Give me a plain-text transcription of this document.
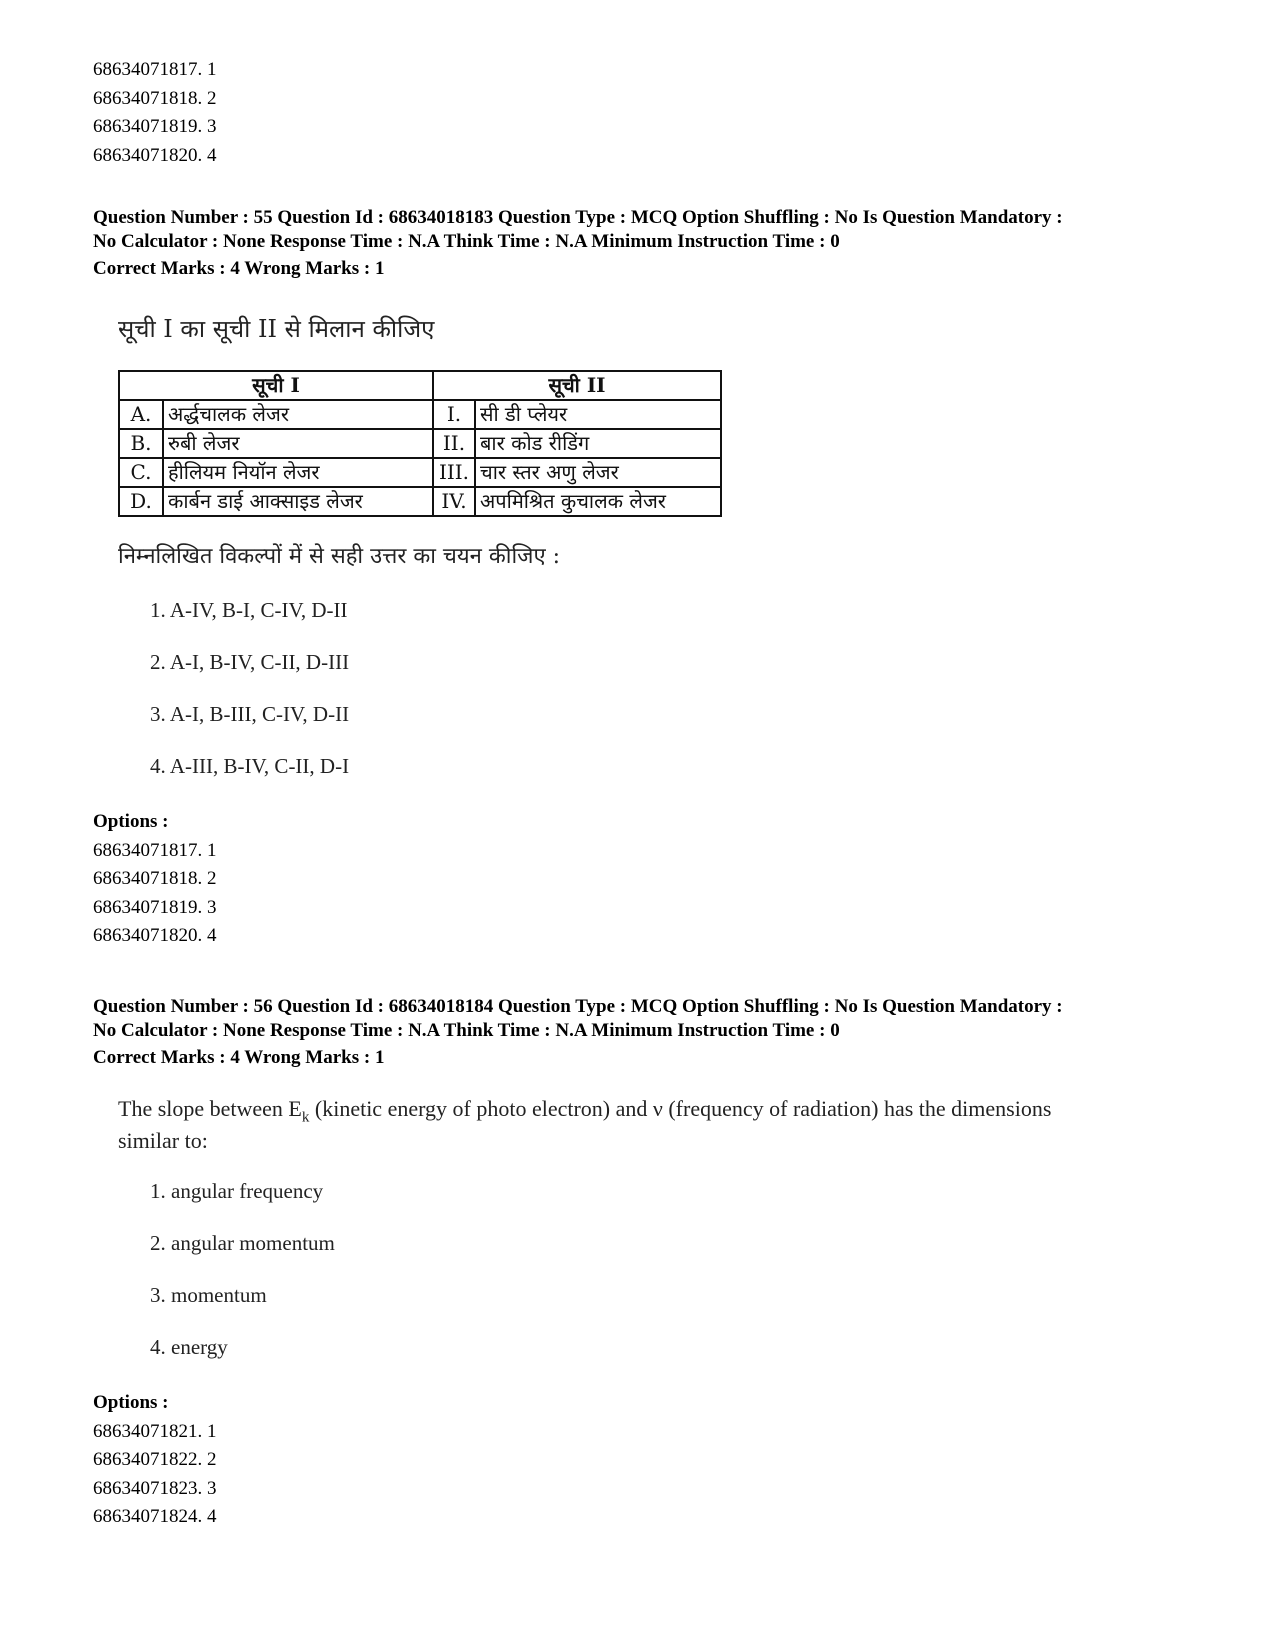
68634071817. 1
68634071818. 2
68634071819. 3
68634071820. 4
Question Number : 55 Question Id : 68634018183 Question Type : MCQ Option Shuffling : No Is Question Mandatory :
No Calculator : None Response Time : N.A Think Time : N.A Minimum Instruction Time : 0
Correct Marks : 4 Wrong Marks : 1
सूची I का सूची II से मिलान कीजिए
सूची I		सूची II	
A.	अर्द्धचालक लेजर	I.	सी डी प्लेयर
B.	रुबी लेजर	II.	बार कोड रीडिंग
C.	हीलियम नियॉन लेजर	III.	चार स्तर अणु लेजर
D.	कार्बन डाई आक्साइड लेजर	IV.	अपमिश्रित कुचालक लेजर
निम्नलिखित विकल्पों में से सही उत्तर का चयन कीजिए :
1. A-IV, B-I, C-IV, D-II
2. A-I, B-IV, C-II, D-III
3. A-I, B-III, C-IV, D-II
4. A-III, B-IV, C-II, D-I
Options :
68634071817. 1
68634071818. 2
68634071819. 3
68634071820. 4
Question Number : 56 Question Id : 68634018184 Question Type : MCQ Option Shuffling : No Is Question Mandatory :
No Calculator : None Response Time : N.A Think Time : N.A Minimum Instruction Time : 0
Correct Marks : 4 Wrong Marks : 1
The slope between $E_k$ (kinetic energy of photo electron) and ν (frequency of radiation) has the dimensions
similar to:
1. angular frequency
2. angular momentum
3. momentum
4. energy
Options :
68634071821. 1
68634071822. 2
68634071823. 3
68634071824. 4
